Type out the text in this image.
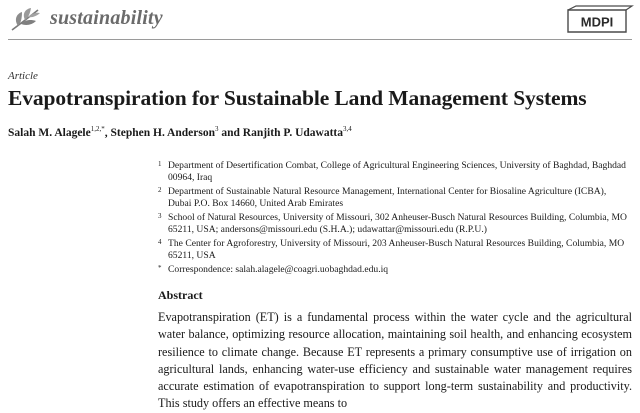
sustainability	MDPI
Article
Evapotranspiration for Sustainable Land Management Systems
Salah M. Alagele$^{1,2,*}$, Stephen H. Anderson$^3$ and Ranjith P. Udawatta$^{3,4}$
1 Department of Desertification Combat, College of Agricultural Engineering Sciences, University of Baghdad, Baghdad 00964, Iraq
2 Department of Sustainable Natural Resource Management, International Center for Biosaline Agriculture (ICBA), Dubai P.O. Box 14660, United Arab Emirates
3 School of Natural Resources, University of Missouri, 302 Anheuser-Busch Natural Resources Building, Columbia, MO 65211, USA; andersons@missouri.edu (S.H.A.); udawattar@missouri.edu (R.P.U.)
4 The Center for Agroforestry, University of Missouri, 203 Anheuser-Busch Natural Resources Building, Columbia, MO 65211, USA
* Correspondence: salah.alagele@coagri.uobaghdad.edu.iq
Abstract
Evapotranspiration (ET) is a fundamental process within the water cycle and the agricultural water balance, optimizing resource allocation, maintaining soil health, and enhancing ecosystem resilience to climate change. Because ET represents a primary consumptive use of irrigation on agricultural lands, enhancing water-use efficiency and sustainable water management requires accurate estimation of evapotranspiration to support long-term sustainability and productivity. This study offers an effective means to
